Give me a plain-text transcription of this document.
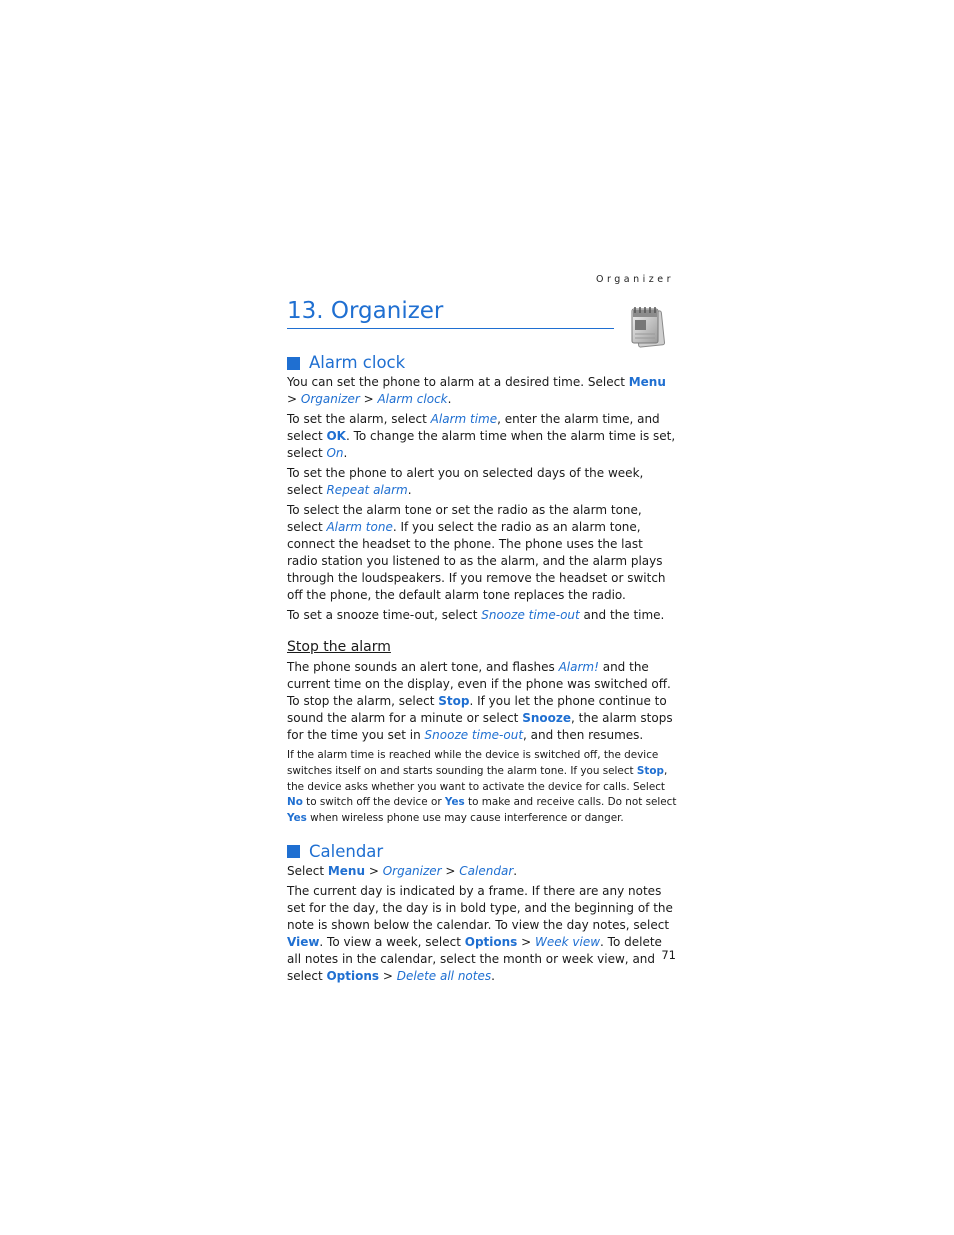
Organizer
13. Organizer
Alarm clock

You can set the phone to alarm at a desired time. Select Menu > Organizer > Alarm clock.

To set the alarm, select Alarm time, enter the alarm time, and select OK. To change the alarm time when the alarm time is set, select On.

To set the phone to alert you on selected days of the week, select Repeat alarm.

To select the alarm tone or set the radio as the alarm tone, select Alarm tone. If you select the radio as an alarm tone, connect the headset to the phone. The phone uses the last radio station you listened to as the alarm, and the alarm plays through the loudspeakers. If you remove the headset or switch off the phone, the default alarm tone replaces the radio.

To set a snooze time-out, select Snooze time-out and the time.

Stop the alarm

The phone sounds an alert tone, and flashes Alarm! and the current time on the display, even if the phone was switched off. To stop the alarm, select Stop. If you let the phone continue to sound the alarm for a minute or select Snooze, the alarm stops for the time you set in Snooze time-out, and then resumes.

If the alarm time is reached while the device is switched off, the device switches itself on and starts sounding the alarm tone. If you select Stop, the device asks whether you want to activate the device for calls. Select No to switch off the device or Yes to make and receive calls. Do not select Yes when wireless phone use may cause interference or danger.

Calendar

Select Menu > Organizer > Calendar.

The current day is indicated by a frame. If there are any notes set for the day, the day is in bold type, and the beginning of the note is shown below the calendar. To view the day notes, select View. To view a week, select Options > Week view. To delete all notes in the calendar, select the month or week view, and select Options > Delete all notes.

71
